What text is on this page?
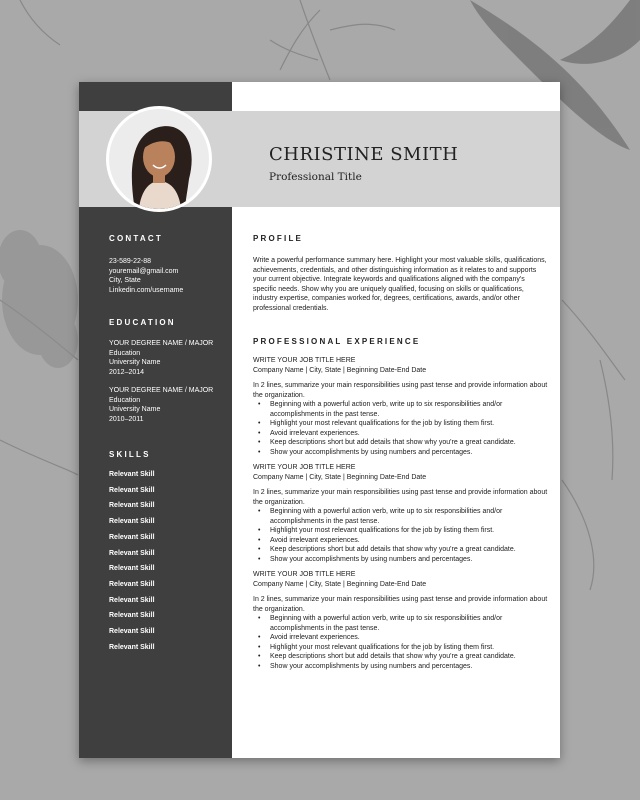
CHRISTINE SMITH
Professional Title
CONTACT
23-589-22-88
youremail@gmail.com
City, State
Linkedin.com/username
EDUCATION
YOUR DEGREE NAME / MAJOR
Education
University Name
2012–2014
YOUR DEGREE NAME / MAJOR
Education
University Name
2010–2011
SKILLS
Relevant Skill
Relevant Skill
Relevant Skill
Relevant Skill
Relevant Skill
Relevant Skill
Relevant Skill
Relevant Skill
Relevant Skill
Relevant Skill
Relevant Skill
Relevant Skill
PROFILE
Write a powerful performance summary here. Highlight your most valuable skills, qualifications, achievements, credentials, and other distinguishing information as it relates to and supports your current objective. Integrate keywords and qualifications aligned with the company's specific needs. Show why you are uniquely qualified, focusing on skills or qualifications, industry expertise, companies worked for, degrees, certifications, awards, and/or other professional credentials.
PROFESSIONAL EXPERIENCE
WRITE YOUR JOB TITLE HERE
Company Name | City, State | Beginning Date-End Date
In 2 lines, summarize your main responsibilities using past tense and provide information about the organization.
• Beginning with a powerful action verb, write up to six responsibilities and/or accomplishments in the past tense.
• Highlight your most relevant qualifications for the job by listing them first.
• Avoid irrelevant experiences.
• Keep descriptions short but add details that show why you're a great candidate.
• Show your accomplishments by using numbers and percentages.
WRITE YOUR JOB TITLE HERE
Company Name | City, State | Beginning Date-End Date
In 2 lines, summarize your main responsibilities using past tense and provide information about the organization.
• Beginning with a powerful action verb, write up to six responsibilities and/or accomplishments in the past tense.
• Highlight your most relevant qualifications for the job by listing them first.
• Avoid irrelevant experiences.
• Keep descriptions short but add details that show why you're a great candidate.
• Show your accomplishments by using numbers and percentages.
WRITE YOUR JOB TITLE HERE
Company Name | City, State | Beginning Date-End Date
In 2 lines, summarize your main responsibilities using past tense and provide information about the organization.
• Beginning with a powerful action verb, write up to six responsibilities and/or accomplishments in the past tense.
• Avoid irrelevant experiences.
• Highlight your most relevant qualifications for the job by listing them first.
• Keep descriptions short but add details that show why you're a great candidate.
• Show your accomplishments by using numbers and percentages.
